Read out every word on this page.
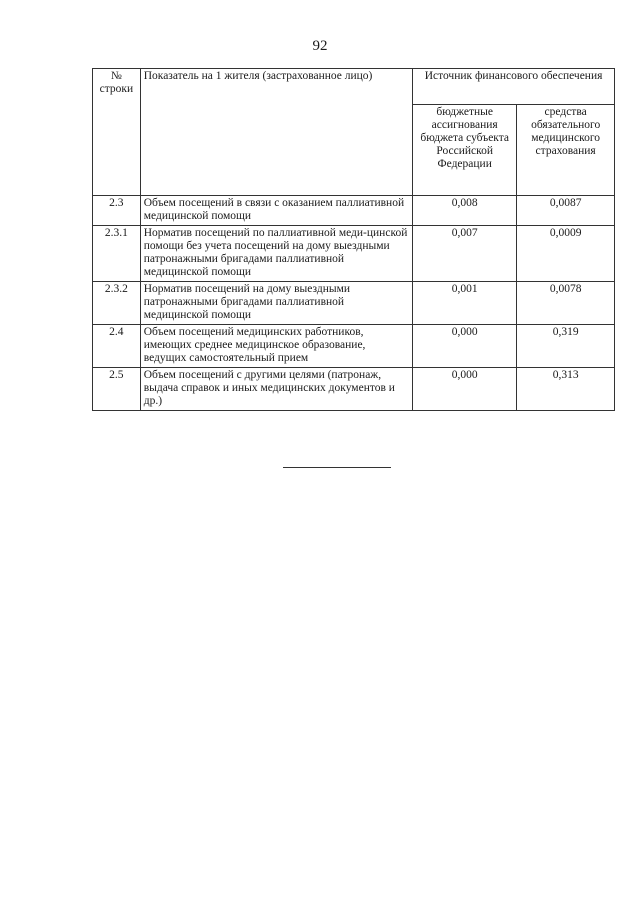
92
№ строки	Показатель на 1 жителя (застрахованное лицо)	Источник финансового обеспечения	
		бюджетные ассигнования бюджета субъекта Российской Федерации	средства обязательного медицинского страхования
2.3	Объем посещений в связи с оказанием паллиативной медицинской помощи	0,008	0,0087
2.3.1	Норматив посещений по паллиативной меди-цинской помощи без учета посещений на дому выездными патронажными бригадами паллиативной медицинской помощи	0,007	0,0009
2.3.2	Норматив посещений на дому выездными патронажными бригадами паллиативной медицинской помощи	0,001	0,0078
2.4	Объем посещений медицинских работников, имеющих среднее медицинское образование, ведущих самостоятельный прием	0,000	0,319
2.5	Объем посещений с другими целями (патронаж, выдача справок и иных медицинских документов и др.)	0,000	0,313
